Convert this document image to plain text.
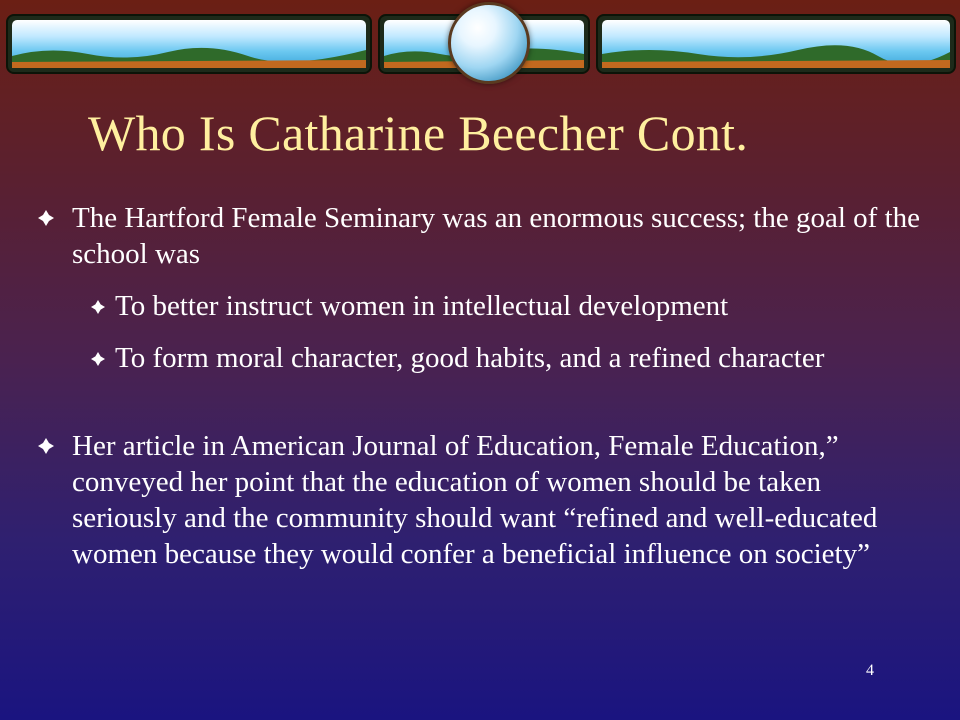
Who Is Catharine Beecher Cont.
The Hartford Female Seminary was an enormous success; the goal of the school was
To better instruct women in intellectual development
To form moral character, good habits, and a refined character
Her article in American Journal of Education, Female Education,” conveyed her point that the education of women should be taken seriously and the community should want “refined and well-educated women because they would confer a beneficial influence on society”
4
